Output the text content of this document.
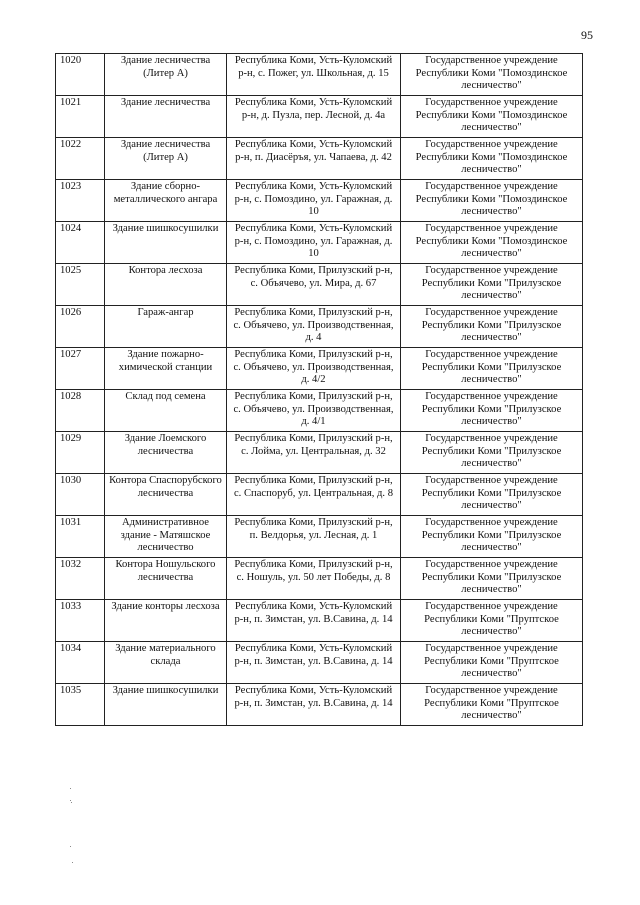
95
1020	Здание лесничества (Литер А)	Республика Коми, Усть-Куломский р-н, с. Пожег, ул. Школьная, д. 15	Государственное учреждение Республики Коми "Помоздинское лесничество"
1021	Здание лесничества	Республика Коми, Усть-Куломский р-н, д. Пузла, пер. Лесной, д. 4а	Государственное учреждение Республики Коми "Помоздинское лесничество"
1022	Здание лесничества (Литер А)	Республика Коми, Усть-Куломский р-н, п. Диасёръя, ул. Чапаева, д. 42	Государственное учреждение Республики Коми "Помоздинское лесничество"
1023	Здание сборно-металлического ангара	Республика Коми, Усть-Куломский р-н, с. Помоздино, ул. Гаражная, д. 10	Государственное учреждение Республики Коми "Помоздинское лесничество"
1024	Здание шишкосушилки	Республика Коми, Усть-Куломский р-н, с. Помоздино, ул. Гаражная, д. 10	Государственное учреждение Республики Коми "Помоздинское лесничество"
1025	Контора лесхоза	Республика Коми, Прилузский р-н, с. Объячево, ул. Мира, д. 67	Государственное учреждение Республики Коми "Прилузское лесничество"
1026	Гараж-ангар	Республика Коми, Прилузский р-н, с. Объячево, ул. Производственная, д. 4	Государственное учреждение Республики Коми "Прилузское лесничество"
1027	Здание пожарно-химической станции	Республика Коми, Прилузский р-н, с. Объячево, ул. Производственная, д. 4/2	Государственное учреждение Республики Коми "Прилузское лесничество"
1028	Склад под семена	Республика Коми, Прилузский р-н, с. Объячево, ул. Производственная, д. 4/1	Государственное учреждение Республики Коми "Прилузское лесничество"
1029	Здание Лоемского лесничества	Республика Коми, Прилузский р-н, с. Лойма, ул. Центральная, д. 32	Государственное учреждение Республики Коми "Прилузское лесничество"
1030	Контора Спаспорубского лесничества	Республика Коми, Прилузский р-н, с. Спаспоруб, ул. Центральная, д. 8	Государственное учреждение Республики Коми "Прилузское лесничество"
1031	Административное здание - Матяшское лесничество	Республика Коми, Прилузский р-н, п. Велдорья, ул. Лесная, д. 1	Государственное учреждение Республики Коми "Прилузское лесничество"
1032	Контора Ношульского лесничества	Республика Коми, Прилузский р-н, с. Ношуль, ул. 50 лет Победы, д. 8	Государственное учреждение Республики Коми "Прилузское лесничество"
1033	Здание конторы лесхоза	Республика Коми, Усть-Куломский р-н, п. Зимстан, ул. В.Савина, д. 14	Государственное учреждение Республики Коми "Пруптское лесничество"
1034	Здание материального склада	Республика Коми, Усть-Куломский р-н, п. Зимстан, ул. В.Савина, д. 14	Государственное учреждение Республики Коми "Пруптское лесничество"
1035	Здание шишкосушилки	Республика Коми, Усть-Куломский р-н, п. Зимстан, ул. В.Савина, д. 14	Государственное учреждение Республики Коми "Пруптское лесничество"
